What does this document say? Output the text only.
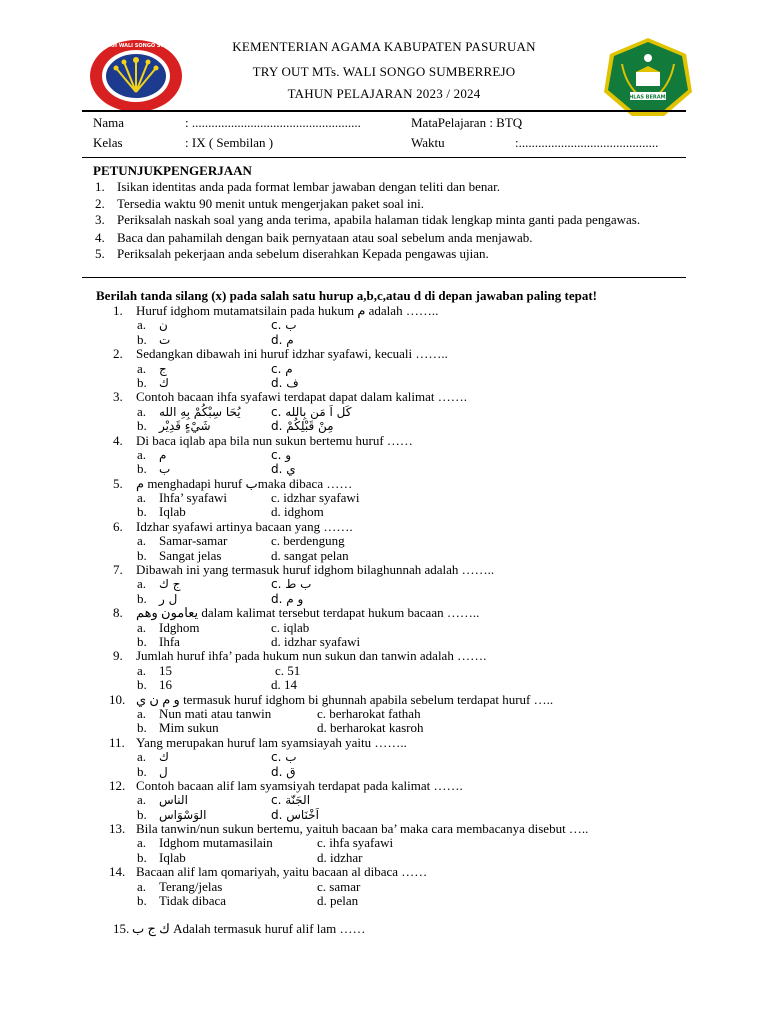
MADRASAH TSANAWIYAH WALI SONGO SUMBERREJO PASURUAN KEMENTERIAN AGAMA KABUPATEN PASURUAN
TRY OUT MTs. WALI SONGO SUMBERREJO
TAHUN PELAJARAN 2023 / 2024	IKHLAS BERAMAL
Nama	: ....................................................	MataPelajaran : BTQ
Kelas	: IX ( Sembilan )	Waktu	:...........................................
PETUNJUKPENGERJAAN
1. Isikan identitas anda pada format lembar jawaban dengan teliti dan benar.
2. Tersedia waktu 90 menit untuk mengerjakan paket soal ini.
3. Periksalah naskah soal yang anda terima, apabila halaman tidak lengkap minta ganti pada pengawas.
4. Baca dan pahamilah dengan baik pernyataan atau soal sebelum anda menjawab.
5. Periksalah pekerjaan anda sebelum diserahkan Kepada pengawas ujian.
Berilah tanda silang (x) pada salah satu hurup a,b,c,atau d di depan jawaban paling tepat!
1. Huruf idghom mutamatsilain pada hukum م adalah ……..
a. ن	c. ب
b. ت	d. م
2. Sedangkan dibawah ini huruf idzhar syafawi, kecuali ……..
a. ج	c. م
b. ك	d. ف
3. Contoh bacaan ihfa syafawi terdapat dapat dalam kalimat …….
a. يُحَا سِبْكُمْ بِهِ الله	c. كَل اَ مَن بِالله
b. شَيْءٍ قَدِيْر	d. مِنْ قَبْلِكُمْ
4. Di baca iqlab apa bila nun sukun bertemu huruf ……
a. م	c. و
b. ب	d. ي
5. م menghadapi huruf بmaka dibaca ……
a. Ihfa’ syafawi	c. idzhar syafawi
b. Iqlab	d. idghom
6. Idzhar syafawi artinya bacaan yang …….
a. Samar-samar	c. berdengung
b. Sangat jelas	d. sangat pelan
7. Dibawah ini yang termasuk huruf idghom bilaghunnah adalah ……..
a. ج ك	c. ب ط
b. ل ر	d. و م
8. يعامون وهم dalam kalimat tersebut terdapat hukum bacaan ……..
a. Idghom	c. iqlab
b. Ihfa	d. idzhar syafawi
9. Jumlah huruf ihfa’ pada hukum nun sukun dan tanwin adalah …….
a. 15	c. 51
b. 16	d. 14
10. و م ن ي termasuk huruf idghom bi ghunnah apabila sebelum terdapat huruf …..
a. Nun mati atau tanwin	c. berharokat fathah
b. Mim sukun	d. berharokat kasroh
11. Yang merupakan huruf lam syamsiayah yaitu ……..
a. ك	c. ب
b. ل	d. ق
12. Contoh bacaan alif lam syamsiyah terdapat pada kalimat …….
a. الناس	c. الجَنّة
b. الوَسْوَاس	d. اَخْنَاس
13. Bila tanwin/nun sukun bertemu, yaituh bacaan ba’ maka cara membacanya disebut …..
a. Idghom mutamasilain	c. ihfa syafawi
b. Iqlab	d. idzhar
14. Bacaan alif lam qomariyah, yaitu bacaan al dibaca ……
a. Terang/jelas	c. samar
b. Tidak dibaca	d. pelan
15. ك ج ب Adalah termasuk huruf alif lam ……
